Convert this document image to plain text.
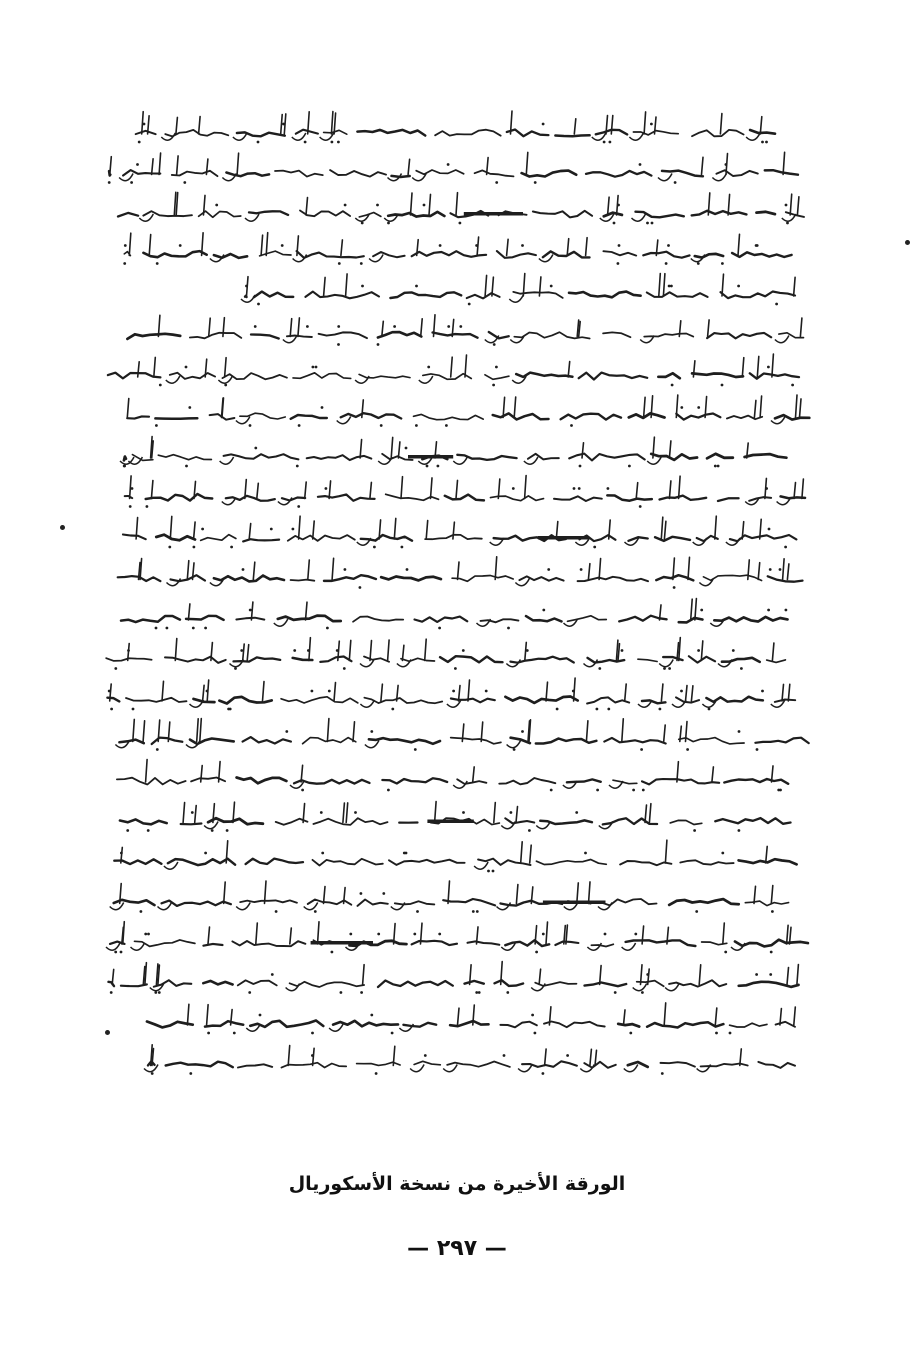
الورقة الأخيرة من نسخة الأسكوريال
— ٢٩٧ —
